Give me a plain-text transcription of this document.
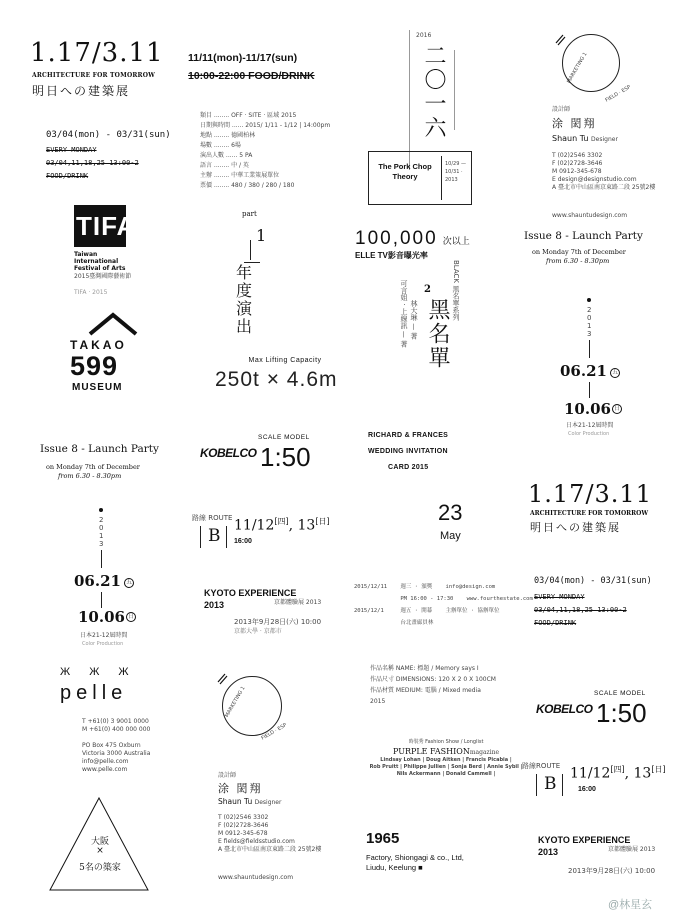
1.17/3.11
ARCHITECTURE FOR TOMORROW
明日への建築展
03/04(mon) - 03/31(sun)
EVERY MONDAY
03/04,11,18,25 13:00-2
FOOD/DRINK
11/11(mon)-11/17(sun)
10:00-22:00 FOOD/DRINK
類目 ........ OFF · SITE · 區域 2015
日期與時間 ...... 2015/ 1/11 - 1/12 | 14:00pm
地點 ........ 德國柏林
場數 ........ 6場
演出人數 ...... 5 PA
語言 ........ 中 / 英
主辦 ........ 中華工業策展單位
票價 ........ 480 / 380 / 280 / 180
2016
二〇一六
The Pork Chop Theory
10/29 — 10/31 · 2013
MARKETING 1
FIELD · ESP
設計師
涂 閎翔
Shaun Tu Designer
T (02)2546 3302
F (02)2728-3646
M 0912-345-678
E design@designstudio.com
A 臺北市中山區南京東路二段 25號2樓
www.shauntudesign.com
TIFA
Taiwan
International
Festival of Arts
2015臺灣國際藝術節
TIFA · 2015
part
1
年度演出
100,000 次以上
ELLE TV影音曝光率
Issue 8 - Launch Party
on Monday 7th of December
from 6.30 - 8.30pm
TAKAO
599
MUSEUM
Max Lifting Capacity
250t × 4.6m
可言姐 · 上線訊 — 著 林大琳 — 著
2
黑名單
BLACK 黑名單系列	2
0
1
3
06.21 五
10.06 日
日本21-12屆時間
Color Production
Issue 8 - Launch Party
on Monday 7th of December
from 6.30 - 8.30pm
KOBELCO
SCALE MODEL
1:50
RICHARD & FRANCES
WEDDING INVITATION
CARD 2015
23
May
1.17/3.11
ARCHITECTURE FOR TOMORROW
明日への建築展
2
0
1
3
06.21 五
10.06 日
日本21-12屆時間
Color Production
路線 ROUTE
B
11/12[四], 13[日]
16:00
KYOTO EXPERIENCE
2013	京都體驗展 2013
2013年9月28日(六) 10:00
京都大學 · 京都市
2015/12/11    週三 · 頒獎    info@design.com
PM 16:00 - 17:30    www.fourthestate.com
2015/12/1     週五 · 開幕    主辦單位 · 協辦單位
台北畫廊員林
03/04(mon) - 03/31(sun)
EVERY MONDAY
03/04,11,18,25 13:00-2
FOOD/DRINK
Ж Ж Ж
pelle
T +61(0) 3 9001 0000
M +61(0) 400 000 000
PO Box 475 Oxburn
Victoria 3000 Australia
info@pelle.com
www.pelle.com
作品名稱 NAME: 標題 / Memory says I
作品尺寸 DIMENSIONS: 120 X 2 0 X 100CM
作品材質 MEDIUM: 電腦 / Mixed media
2015
KOBELCO
SCALE MODEL
1:50
MARKETING 1
FIELD · ESP
設計師
涂 閎翔
Shaun Tu Designer
T (02)2546 3302
F (02)2728-3646
M 0912-345-678
E fields@fieldsstudio.com
A 臺北市中山區南京東路二段 25號2樓
www.shauntudesign.com
時裝秀 Fashion Show / Longlist
PURPLE FASHIONmagazine
Lindsay Lohan | Doug Aitken | Francis Picabia |
Rob Pruitt | Philippe Jullien | Sonja Berd | Annie Sybil |
Nils Ackermann | Donald Cammell |
路線ROUTE
B
11/12[四], 13[日]
16:00
大阪
×
5名の築家
1965
Factory, Shiongagi & co., Ltd,
Liudu, Keelung ■
KYOTO EXPERIENCE
2013	京都體驗展 2013
2013年9月28日(六) 10:00
@林星玄
